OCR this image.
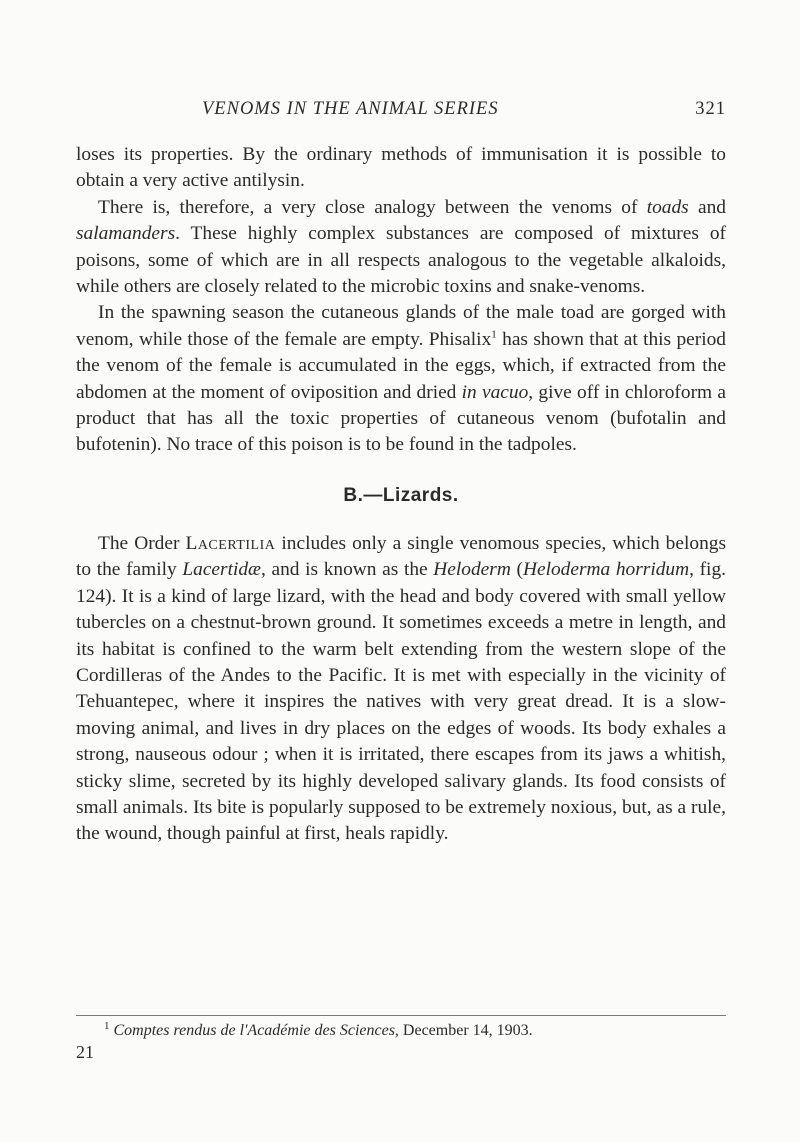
VENOMS IN THE ANIMAL SERIES	321

loses its properties. By the ordinary methods of immunisation it is possible to obtain a very active antilysin.

There is, therefore, a very close analogy between the venoms of toads and salamanders. These highly complex substances are composed of mixtures of poisons, some of which are in all respects analogous to the vegetable alkaloids, while others are closely related to the microbic toxins and snake-venoms.

In the spawning season the cutaneous glands of the male toad are gorged with venom, while those of the female are empty. Phisalix$^1$ has shown that at this period the venom of the female is accumulated in the eggs, which, if extracted from the abdomen at the moment of oviposition and dried in vacuo, give off in chloroform a product that has all the toxic properties of cutaneous venom (bufotalin and bufotenin). No trace of this poison is to be found in the tadpoles.

B.—Lizards.

The Order Lacertilia includes only a single venomous species, which belongs to the family Lacertidæ, and is known as the Heloderm (Heloderma horridum, fig. 124). It is a kind of large lizard, with the head and body covered with small yellow tubercles on a chestnut-brown ground. It sometimes exceeds a metre in length, and its habitat is confined to the warm belt extending from the western slope of the Cordilleras of the Andes to the Pacific. It is met with especially in the vicinity of Tehuantepec, where it inspires the natives with very great dread. It is a slow-moving animal, and lives in dry places on the edges of woods. Its body exhales a strong, nauseous odour ; when it is irritated, there escapes from its jaws a whitish, sticky slime, secreted by its highly developed salivary glands. Its food consists of small animals. Its bite is popularly supposed to be extremely noxious, but, as a rule, the wound, though painful at first, heals rapidly.

$^1$ Comptes rendus de l'Académie des Sciences, December 14, 1903.
21
